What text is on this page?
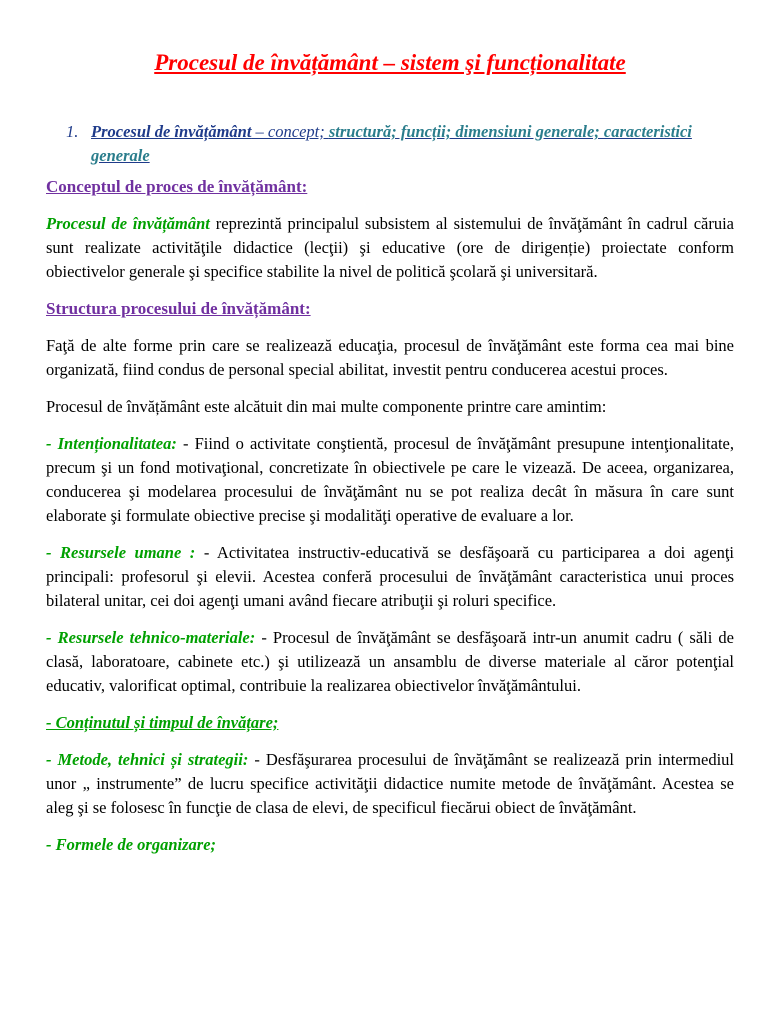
Procesul de învățământ – sistem şi funcționalitate
1. Procesul de învățământ – concept; structură; funcții; dimensiuni generale; caracteristici generale
Conceptul de proces de învățământ:

Procesul de învățământ reprezintă principalul subsistem al sistemului de învăţământ în cadrul căruia sunt realizate activităţile didactice (lecţii) şi educative (ore de dirigenție) proiectate conform obiectivelor generale şi specifice stabilite la nivel de politică şcolară şi universitară.

Structura procesului de învățământ:

Faţă de alte forme prin care se realizează educaţia, procesul de învăţământ este forma cea mai bine organizată, fiind condus de personal special abilitat, investit pentru conducerea acestui proces.

Procesul de învățământ este alcătuit din mai multe componente printre care amintim:

- Intenționalitatea: - Fiind o activitate conştientă, procesul de învăţământ presupune intenţionalitate, precum şi un fond motivaţional, concretizate în obiectivele pe care le vizează. De aceea, organizarea, conducerea şi modelarea procesului de învăţământ nu se pot realiza decât în măsura în care sunt elaborate şi formulate obiective precise şi modalităţi operative de evaluare a lor.

- Resursele umane : - Activitatea instructiv-educativă se desfăşoară cu participarea a doi agenţi principali: profesorul şi elevii. Acestea conferă procesului de învăţământ caracteristica unui proces bilateral unitar, cei doi agenţi umani având fiecare atribuţii şi roluri specifice.

- Resursele tehnico-materiale: - Procesul de învăţământ se desfăşoară intr-un anumit cadru ( săli de clasă, laboratoare, cabinete etc.) şi utilizează un ansamblu de diverse materiale al căror potenţial educativ, valorificat optimal, contribuie la realizarea obiectivelor învăţământului.

- Conținutul și timpul de învățare;

- Metode, tehnici și strategii: - Desfăşurarea procesului de învăţământ se realizează prin intermediul unor „ instrumente” de lucru specifice activităţii didactice numite metode de învăţământ. Acestea se aleg şi se folosesc în funcţie de clasa de elevi, de specificul fiecărui obiect de învăţământ.

- Formele de organizare;
